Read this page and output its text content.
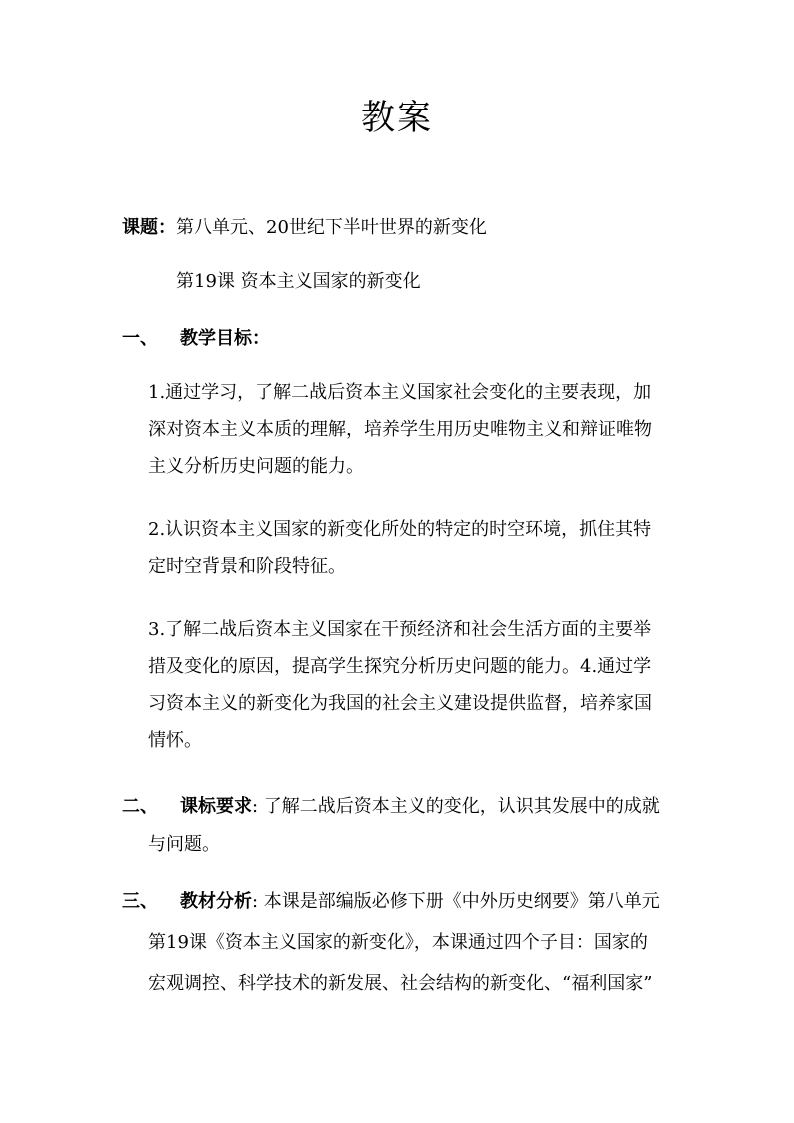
教案
课题：第八单元、20世纪下半叶世界的新变化
第19课 资本主义国家的新变化
一、 教学目标：
1.通过学习，了解二战后资本主义国家社会变化的主要表现，加
深对资本主义本质的理解，培养学生用历史唯物主义和辩证唯物
主义分析历史问题的能力。
2.认识资本主义国家的新变化所处的特定的时空环境，抓住其特
定时空背景和阶段特征。
3.了解二战后资本主义国家在干预经济和社会生活方面的主要举
措及变化的原因，提高学生探究分析历史问题的能力。4.通过学
习资本主义的新变化为我国的社会主义建设提供监督，培养家国
情怀。
二、 课标要求: 了解二战后资本主义的变化，认识其发展中的成就
与问题。
三、 教材分析: 本课是部编版必修下册《中外历史纲要》第八单元
第19课《资本主义国家的新变化》，本课通过四个子目：国家的
宏观调控、科学技术的新发展、社会结构的新变化、“福利国家”
